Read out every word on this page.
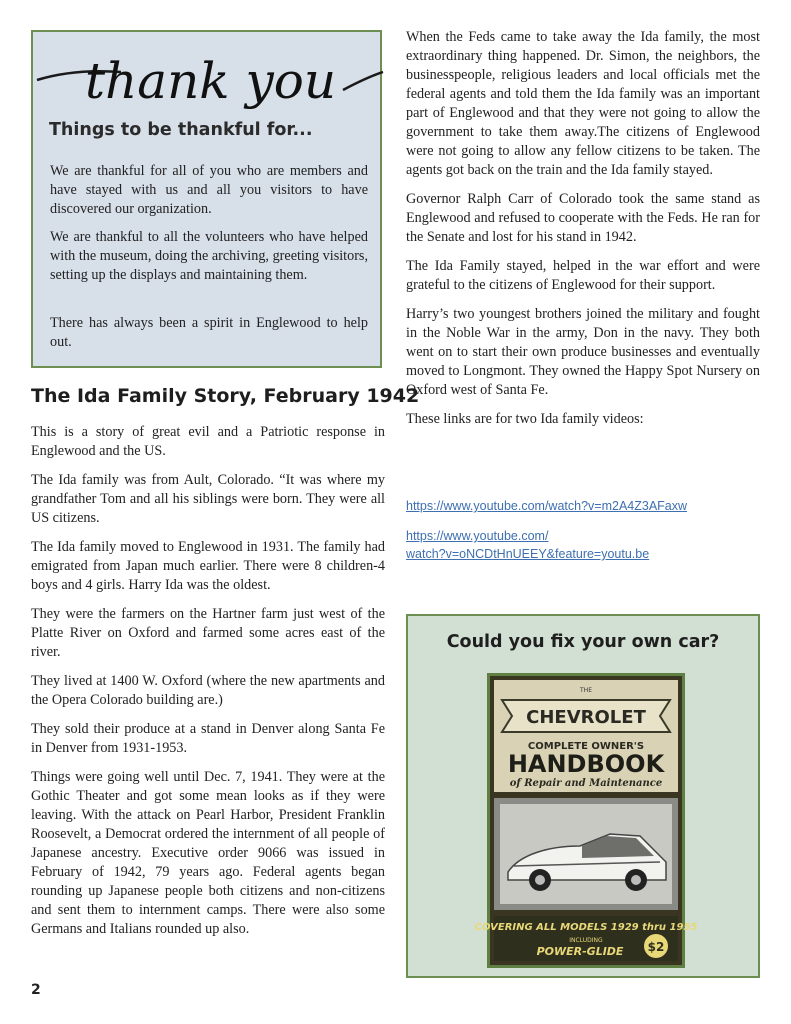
thank you
Things to be thankful for...

We are thankful for all of you who are members and have stayed with us and all you visitors to have discovered our organization.

We are thankful to all the volunteers who have helped with the museum, doing the archiving, greeting visitors, setting up the displays and maintaining them.

There has always been a spirit in Englewood to help out.

The Ida Family Story, February 1942

This is a story of great evil and a Patriotic response in Englewood and the US.

The Ida family was from Ault, Colorado. “It was where my grandfather Tom and all his siblings were born. They were all US citizens.

The Ida family moved to Englewood in 1931. The family had emigrated from Japan much earlier. There were 8 children-4 boys and 4 girls. Harry Ida was the oldest.

They were the farmers on the Hartner farm just west of the Platte River on Oxford and farmed some acres east of the river.

They lived at 1400 W. Oxford (where the new apartments and the Opera Colorado building are.)

They sold their produce at a stand in Denver along Santa Fe in Denver from 1931-1953.

Things were going well until Dec. 7, 1941. They were at the Gothic Theater and got some mean looks as if they were leaving. With the attack on Pearl Harbor, President Franklin Roosevelt, a Democrat ordered the internment of all people of Japanese ancestry. Executive order 9066 was issued in February of 1942, 79 years ago. Federal agents began rounding up Japanese people both citizens and non-citizens and sent them to internment camps. There were also some Germans and Italians rounded up also.

When the Feds came to take away the Ida family, the most extraordinary thing happened. Dr. Simon, the neighbors, the businesspeople, religious leaders and local officials met the federal agents and told them the Ida family was an important part of Englewood and that they were not going to allow the government to take them away.The citizens of Englewood were not going to allow any fellow citizens to be taken. The agents got back on the train and the Ida family stayed.

Governor Ralph Carr of Colorado took the same stand as Englewood and refused to cooperate with the Feds. He ran for the Senate and lost for his stand in 1942.

The Ida Family stayed, helped in the war effort and were grateful to the citizens of Englewood for their support.

Harry’s two youngest brothers joined the military and fought in the Noble War in the army, Don in the navy. They both went on to start their own produce businesses and eventually moved to Longmont. They owned the Happy Spot Nursery on Oxford west of Santa Fe.

These links are for two Ida family videos:

https://www.youtube.com/watch?v=m2A4Z3AFaxw
https://www.youtube.com/
watch?v=oNCDtHnUEEY&feature=youtu.be
Could you fix your own car?
THE
CHEVROLET
COMPLETE OWNER'S
HANDBOOK
of Repair and Maintenance
COVERING ALL MODELS 1929 thru 1955
INCLUDING
POWER-GLIDE $2
2
